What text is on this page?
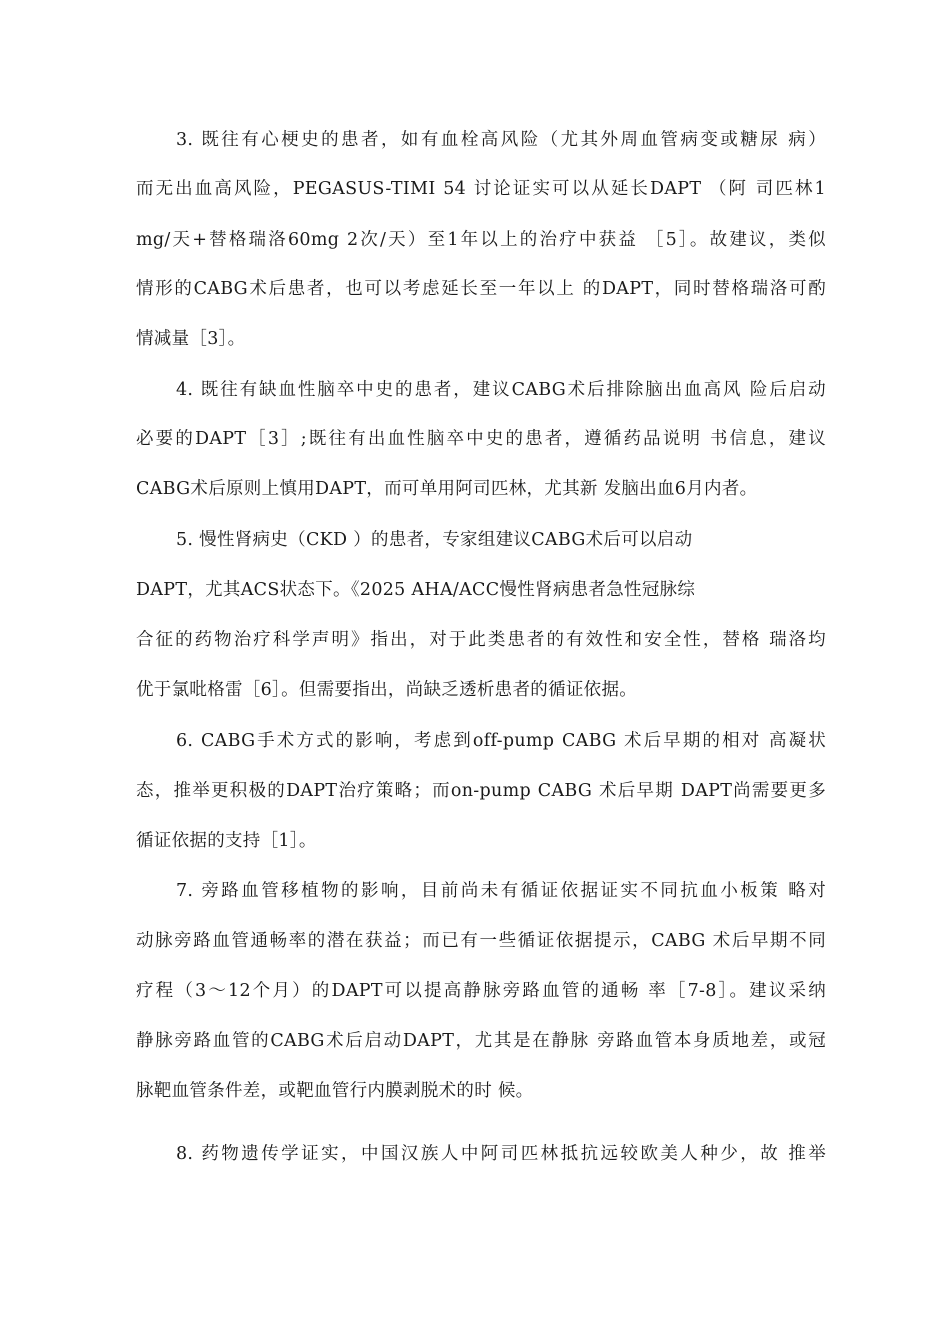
3. 既往有心梗史的患者，如有血栓高风险（尤其外周血管病变或糖尿 病）
而无出血高风险，PEGASUS-TIMI 54 讨论证实可以从延长DAPT （阿 司匹林1
mg/天+替格瑞洛60mg 2次/天）至1年以上的治疗中获益 ［5］。故建议，类似
情形的CABG术后患者，也可以考虑延长至一年以上 的DAPT，同时替格瑞洛可酌
情减量［3］。
4. 既往有缺血性脑卒中史的患者，建议CABG术后排除脑出血高风 险后启动
必要的DAPT［3］;既往有出血性脑卒中史的患者，遵循药品说明 书信息，建议
CABG术后原则上慎用DAPT，而可单用阿司匹林，尤其新 发脑出血6月内者。
5. 慢性肾病史（CKD ）的患者，专家组建议CABG术后可以启动
DAPT，尤其ACS状态下。《2025 AHA/ACC慢性肾病患者急性冠脉综
合征的药物治疗科学声明》指出，对于此类患者的有效性和安全性，替格 瑞洛均
优于氯吡格雷［6］。但需要指出，尚缺乏透析患者的循证依据。
6. CABG手术方式的影响，考虑到off-pump CABG 术后早期的相对 高凝状
态，推举更积极的DAPT治疗策略；而on-pump CABG 术后早期 DAPT尚需要更多
循证依据的支持［1］。
7. 旁路血管移植物的影响，目前尚未有循证依据证实不同抗血小板策 略对
动脉旁路血管通畅率的潜在获益；而已有一些循证依据提示，CABG 术后早期不同
疗程（3〜12个月）的DAPT可以提高静脉旁路血管的通畅 率［7-8］。建议采纳
静脉旁路血管的CABG术后启动DAPT，尤其是在静脉 旁路血管本身质地差，或冠
脉靶血管条件差，或靶血管行内膜剥脱术的时 候。
8. 药物遗传学证实，中国汉族人中阿司匹林抵抗远较欧美人种少，故 推举
